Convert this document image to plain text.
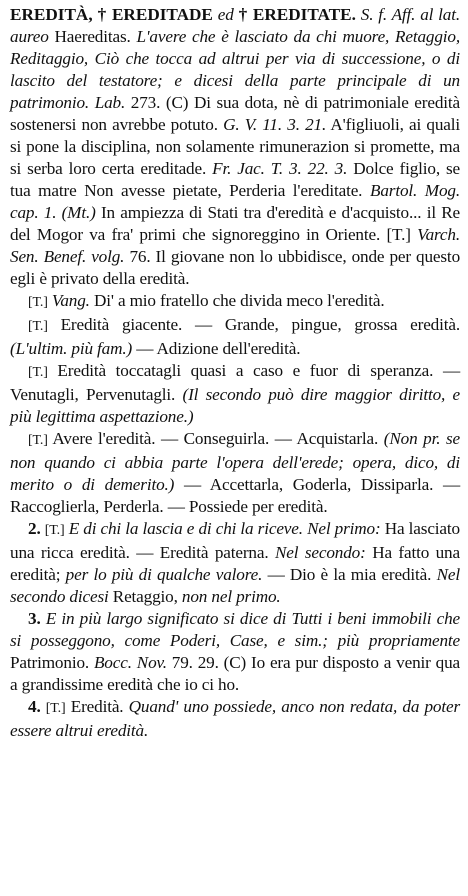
EREDITÀ, † EREDITADE ed † EREDITATE. S. f. Aff. al lat. aureo Haereditas. L'avere che è lasciato da chi muore, Retaggio, Reditaggio, Ciò che tocca ad altrui per via di successione, o di lascito del testatore; e dicesi della parte principale di un patrimonio. Lab. 273. (C) Di sua dota, nè di patrimoniale eredità sostenersi non avrebbe potuto. G. V. 11. 3. 21. A'figliuoli, ai quali si pone la disciplina, non solamente rimunerazion si promette, ma si serba loro certa ereditade. Fr. Jac. T. 3. 22. 3. Dolce figlio, se tua matre Non avesse pietate, Perderia l'ereditate. Bartol. Mog. cap. 1. (Mt.) In ampiezza di Stati tra d'eredità e d'acquisto... il Re del Mogor va fra' primi che signoreggino in Oriente. [T.] Varch. Sen. Benef. volg. 76. Il giovane non lo ubbidisce, onde per questo egli è privato della eredità.

[T.] Vang. Di' a mio fratello che divida meco l'eredità.

[T.] Eredità giacente. — Grande, pingue, grossa eredità. (L'ultim. più fam.) — Adizione dell'eredità.

[T.] Eredità toccatagli quasi a caso e fuor di speranza. — Venutagli, Pervenutagli. (Il secondo può dire maggior diritto, e più legittima aspettazione.)

[T.] Avere l'eredità. — Conseguirla. — Acquistarla. (Non pr. se non quando ci abbia parte l'opera dell'erede; opera, dico, di merito o di demerito.) — Accettarla, Goderla, Dissiparla. — Raccoglierla, Perderla. — Possiede per eredità.

2. [T.] E di chi la lascia e di chi la riceve. Nel primo: Ha lasciato una ricca eredità. — Eredità paterna. Nel secondo: Ha fatto una eredità; per lo più di qualche valore. — Dio è la mia eredità. Nel secondo dicesi Retaggio, non nel primo.

3. E in più largo significato si dice di Tutti i beni immobili che si posseggono, come Poderi, Case, e sim.; più propriamente Patrimonio. Bocc. Nov. 79. 29. (C) Io era pur disposto a venir qua a grandissime eredità che io ci ho.

4. [T.] Eredità. Quand' uno possiede, anco non redata, da poter essere altrui eredità.
